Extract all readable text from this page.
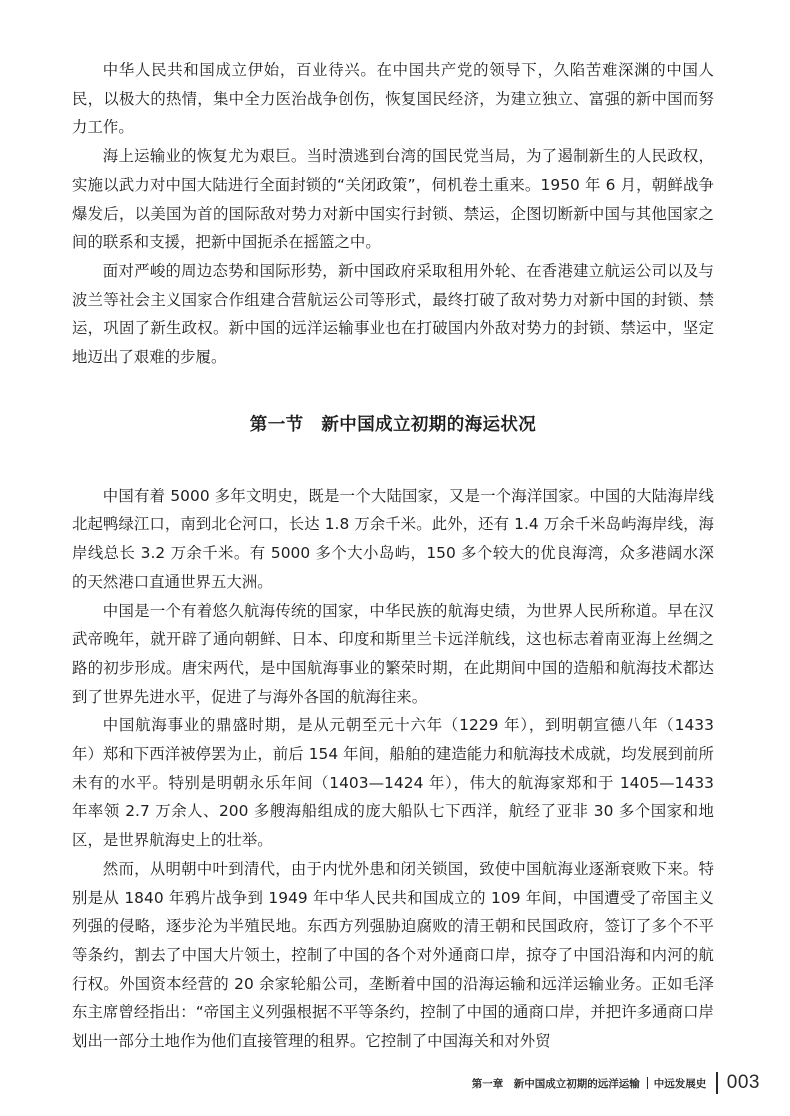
中华人民共和国成立伊始，百业待兴。在中国共产党的领导下，久陷苦难深渊的中国人民，以极大的热情，集中全力医治战争创伤，恢复国民经济，为建立独立、富强的新中国而努力工作。

海上运输业的恢复尤为艰巨。当时溃逃到台湾的国民党当局，为了遏制新生的人民政权，实施以武力对中国大陆进行全面封锁的“关闭政策”，伺机卷土重来。1950 年 6 月，朝鲜战争爆发后，以美国为首的国际敌对势力对新中国实行封锁、禁运，企图切断新中国与其他国家之间的联系和支援，把新中国扼杀在摇篮之中。

面对严峻的周边态势和国际形势，新中国政府采取租用外轮、在香港建立航运公司以及与波兰等社会主义国家合作组建合营航运公司等形式，最终打破了敌对势力对新中国的封锁、禁运，巩固了新生政权。新中国的远洋运输事业也在打破国内外敌对势力的封锁、禁运中，坚定地迈出了艰难的步履。

第一节　新中国成立初期的海运状况

中国有着 5000 多年文明史，既是一个大陆国家，又是一个海洋国家。中国的大陆海岸线北起鸭绿江口，南到北仑河口，长达 1.8 万余千米。此外，还有 1.4 万余千米岛屿海岸线，海岸线总长 3.2 万余千米。有 5000 多个大小岛屿，150 多个较大的优良海湾，众多港阔水深的天然港口直通世界五大洲。

中国是一个有着悠久航海传统的国家，中华民族的航海史绩，为世界人民所称道。早在汉武帝晚年，就开辟了通向朝鲜、日本、印度和斯里兰卡远洋航线，这也标志着南亚海上丝绸之路的初步形成。唐宋两代，是中国航海事业的繁荣时期，在此期间中国的造船和航海技术都达到了世界先进水平，促进了与海外各国的航海往来。

中国航海事业的鼎盛时期，是从元朝至元十六年（1229 年），到明朝宣德八年（1433 年）郑和下西洋被停罢为止，前后 154 年间，船舶的建造能力和航海技术成就，均发展到前所未有的水平。特别是明朝永乐年间（1403—1424 年），伟大的航海家郑和于 1405—1433 年率领 2.7 万余人、200 多艘海船组成的庞大船队七下西洋，航经了亚非 30 多个国家和地区，是世界航海史上的壮举。

然而，从明朝中叶到清代，由于内忧外患和闭关锁国，致使中国航海业逐渐衰败下来。特别是从 1840 年鸦片战争到 1949 年中华人民共和国成立的 109 年间，中国遭受了帝国主义列强的侵略，逐步沦为半殖民地。东西方列强胁迫腐败的清王朝和民国政府，签订了多个不平等条约，割去了中国大片领土，控制了中国的各个对外通商口岸，掠夺了中国沿海和内河的航行权。外国资本经营的 20 余家轮船公司，垄断着中国的沿海运输和远洋运输业务。正如毛泽东主席曾经指出：“帝国主义列强根据不平等条约，控制了中国的通商口岸，并把许多通商口岸划出一部分土地作为他们直接管理的租界。它控制了中国海关和对外贸

第一章　新中国成立初期的远洋运输 中远发展史 003
